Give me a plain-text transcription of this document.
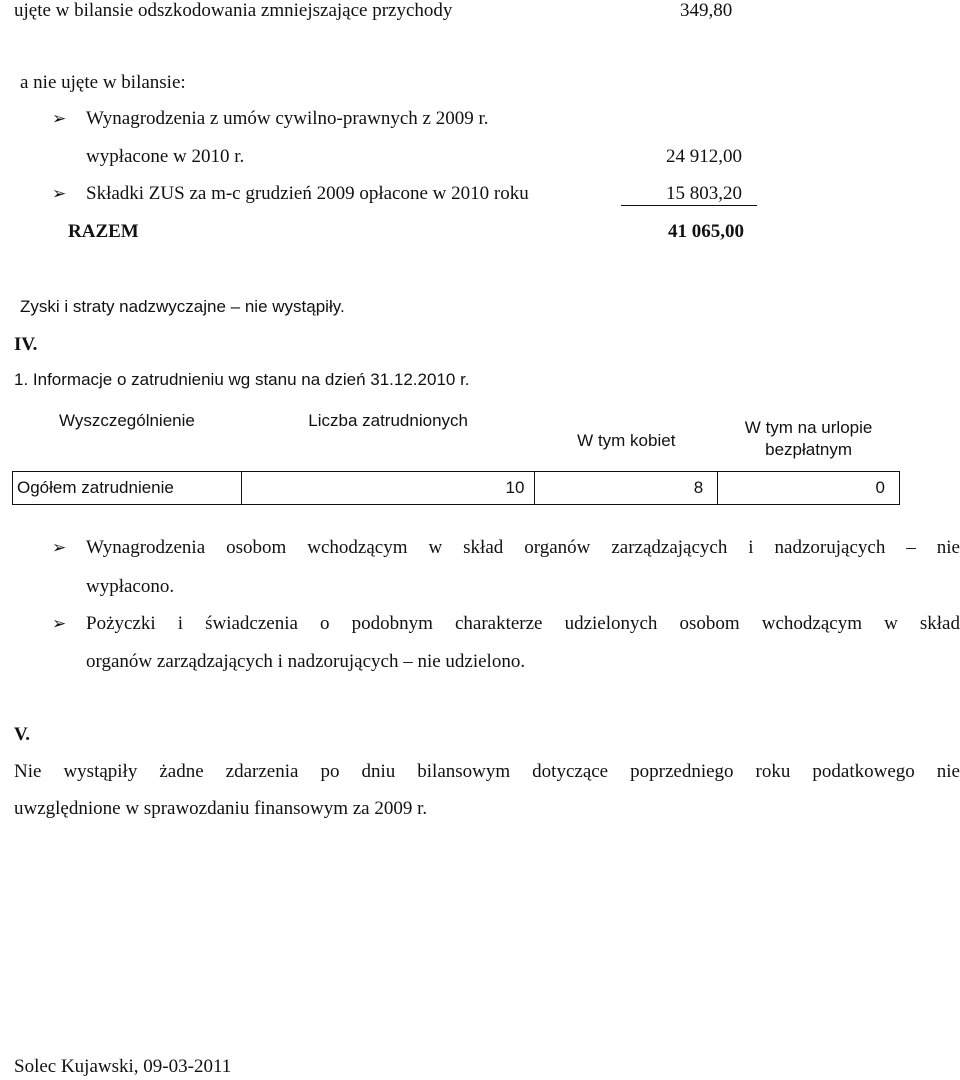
ujęte w bilansie odszkodowania zmniejszające przychody	349,80
a nie ujęte w bilansie:
➢ Wynagrodzenia z umów cywilno-prawnych z 2009 r.
wypłacone w 2010 r.	24 912,00
➢ Składki ZUS za m-c grudzień 2009 opłacone w 2010 roku	15 803,20
RAZEM	41 065,00
Zyski i straty nadzwyczajne – nie wystąpiły.
IV.
1. Informacje o zatrudnieniu wg stanu na dzień 31.12.2010 r.
Wyszczególnienie	Liczba zatrudnionych	W tym kobiet	W tym na urlopie bezpłatnym
Ogółem zatrudnienie	10	8	0
➢ Wynagrodzenia osobom wchodzącym w skład organów zarządzających i nadzorujących – nie
wypłacono.
➢ Pożyczki i świadczenia o podobnym charakterze udzielonych osobom wchodzącym w skład
organów zarządzających i nadzorujących – nie udzielono.
V.
Nie wystąpiły żadne zdarzenia po dniu bilansowym dotyczące poprzedniego roku podatkowego nie
uwzględnione w sprawozdaniu finansowym za 2009 r.
Solec Kujawski, 09-03-2011
